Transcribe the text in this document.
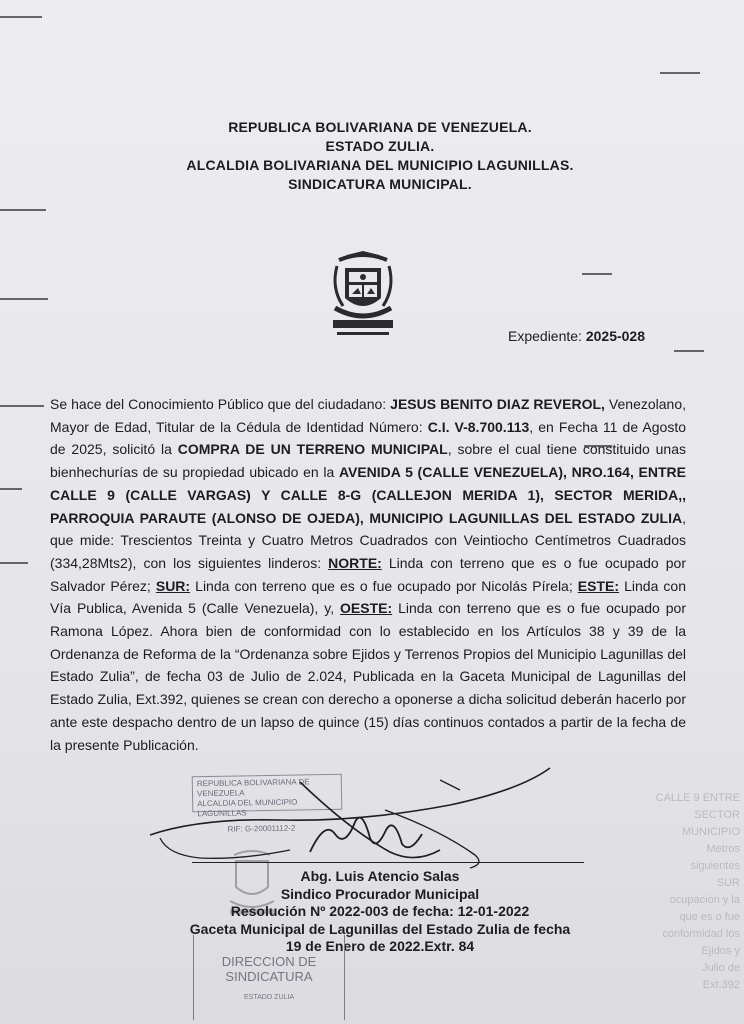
REPUBLICA BOLIVARIANA DE VENEZUELA.
ESTADO ZULIA.
ALCALDIA BOLIVARIANA DEL MUNICIPIO LAGUNILLAS.
SINDICATURA MUNICIPAL.
Expediente: 2025-028
Se hace del Conocimiento Público que del ciudadano: JESUS BENITO DIAZ REVEROL, Venezolano, Mayor de Edad, Titular de la Cédula de Identidad Número: C.I. V-8.700.113, en Fecha 11 de Agosto de 2025, solicitó la COMPRA DE UN TERRENO MUNICIPAL, sobre el cual tiene constituido unas bienhechurías de su propiedad ubicado en la AVENIDA 5 (CALLE VENEZUELA), NRO.164, ENTRE CALLE 9 (CALLE VARGAS) Y CALLE 8-G (CALLEJON MERIDA 1), SECTOR MERIDA,, PARROQUIA PARAUTE (ALONSO DE OJEDA), MUNICIPIO LAGUNILLAS DEL ESTADO ZULIA, que mide: Trescientos Treinta y Cuatro Metros Cuadrados con Veintiocho Centímetros Cuadrados (334,28Mts2), con los siguientes linderos: NORTE: Linda con terreno que es o fue ocupado por Salvador Pérez; SUR: Linda con terreno que es o fue ocupado por Nicolás Pírela; ESTE: Linda con Vía Publica, Avenida 5 (Calle Venezuela), y, OESTE: Linda con terreno que es o fue ocupado por Ramona López. Ahora bien de conformidad con lo establecido en los Artículos 38 y 39 de la Ordenanza de Reforma de la “Ordenanza sobre Ejidos y Terrenos Propios del Municipio Lagunillas del Estado Zulia”, de fecha 03 de Julio de 2.024, Publicada en la Gaceta Municipal de Lagunillas del Estado Zulia, Ext.392, quienes se crean con derecho a oponerse a dicha solicitud deberán hacerlo por ante este despacho dentro de un lapso de quince (15) días continuos contados a partir de la fecha de la presente Publicación.
CALLE 9 ENTRE
SECTOR
MUNICIPIO
Metros
siguientes
SUR
ocupacion y la
que es o fue
conformidad los
Ejidos y
Julio de
Ext.392
REPUBLICA BOLIVARIANA DE VENEZUELA
ALCALDIA DEL MUNICIPIO LAGUNILLAS
RIF: G-20001112-2
Abg. Luis Atencio Salas
Sindico Procurador Municipal
Resolución Nº 2022-003 de fecha: 12-01-2022
Gaceta Municipal de Lagunillas del Estado Zulia de fecha
19 de Enero de 2022.Extr. 84
DIRECCION DE
SINDICATURA
ESTADO ZULIA
